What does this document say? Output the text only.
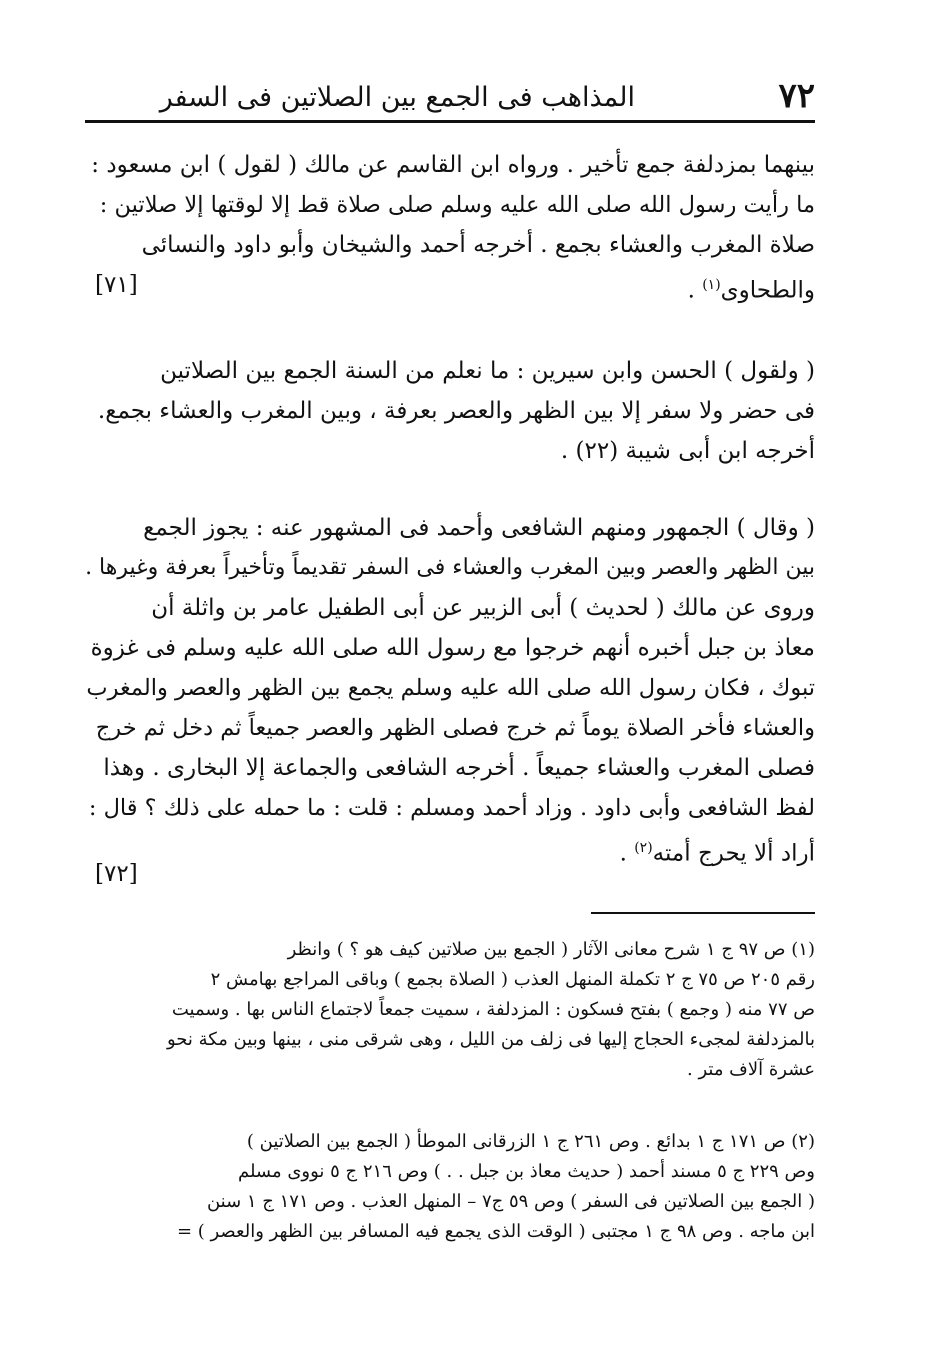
٧٢
المذاهب فى الجمع بين الصلاتين فى السفر
بينهما بمزدلفة جمع تأخير . ورواه ابن القاسم عن مالك ( لقول ) ابن مسعود :
ما رأيت رسول الله صلى الله عليه وسلم صلى صلاة قط إلا لوقتها إلا صلاتين :
صلاة المغرب والعشاء بجمع . أخرجه أحمد والشيخان وأبو داود والنسائى
والطحاوى$^{(١)}$ .
[٧١]
( ولقول ) الحسن وابن سيرين : ما نعلم من السنة الجمع بين الصلاتين
فى حضر ولا سفر إلا بين الظهر والعصر بعرفة ، وبين المغرب والعشاء بجمع.
أخرجه ابن أبى شيبة (٢٢) .
( وقال ) الجمهور ومنهم الشافعى وأحمد فى المشهور عنه : يجوز الجمع
بين الظهر والعصر وبين المغرب والعشاء فى السفر تقديماً وتأخيراً بعرفة وغيرها .
وروى عن مالك ( لحديث ) أبى الزبير عن أبى الطفيل عامر بن واثلة أن
معاذ بن جبل أخبره أنهم خرجوا مع رسول الله صلى الله عليه وسلم فى غزوة
تبوك ، فكان رسول الله صلى الله عليه وسلم يجمع بين الظهر والعصر والمغرب
والعشاء فأخر الصلاة يوماً ثم خرج فصلى الظهر والعصر جميعاً ثم دخل ثم خرج
فصلى المغرب والعشاء جميعاً . أخرجه الشافعى والجماعة إلا البخارى . وهذا
لفظ الشافعى وأبى داود . وزاد أحمد ومسلم : قلت : ما حمله على ذلك ؟ قال :
أراد ألا يحرج أمته$^{(٢)}$ .
[٧٢]
(١) ص ٩٧ ج ١ شرح معانى الآثار ( الجمع بين صلاتين كيف هو ؟ ) وانظر
رقم ٢٠٥ ص ٧٥ ج ٢ تكملة المنهل العذب ( الصلاة بجمع ) وباقى المراجع بهامش ٢
ص ٧٧ منه ( وجمع ) بفتح فسكون : المزدلفة ، سميت جمعاً لاجتماع الناس بها . وسميت
بالمزدلفة لمجىء الحجاج إليها فى زلف من الليل ، وهى شرقى منى ، بينها وبين مكة نحو
عشرة آلاف متر .
(٢) ص ١٧١ ج ١ بدائع . وص ٢٦١ ج ١ الزرقانى الموطأ ( الجمع بين الصلاتين )
وص ٢٢٩ ج ٥ مسند أحمد ( حديث معاذ بن جبل . . ) وص ٢١٦ ج ٥ نووى مسلم
( الجمع بين الصلاتين فى السفر ) وص ٥٩ ج٧ – المنهل العذب . وص ١٧١ ج ١ سنن
ابن ماجه . وص ٩٨ ج ١ مجتبى ( الوقت الذى يجمع فيه المسافر بين الظهر والعصر ) =
